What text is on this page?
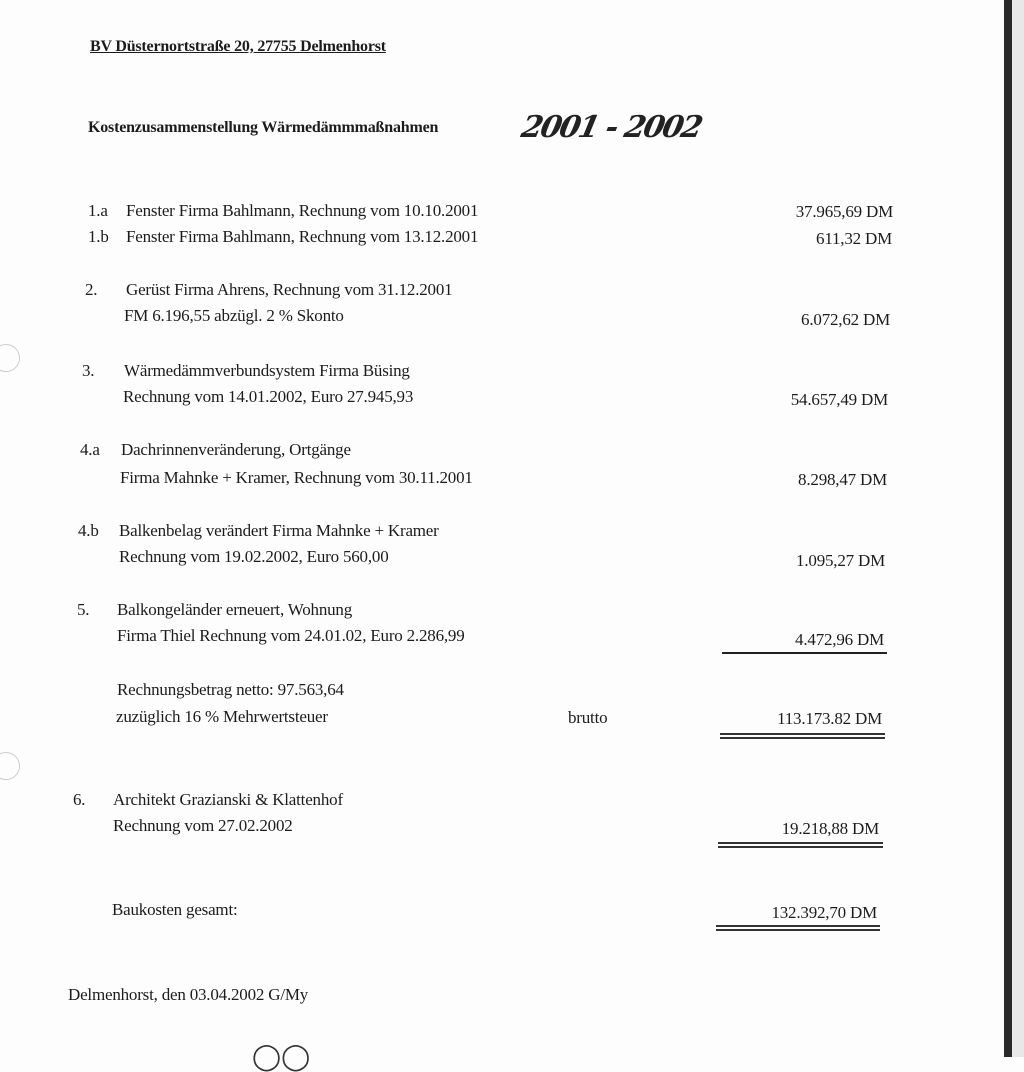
BV Düsternortstraße 20, 27755 Delmenhorst
Kostenzusammenstellung Wärmedämmmaßnahmen	2001 - 2002
1.a Fenster Firma Bahlmann, Rechnung vom 10.10.2001	37.965,69 DM
1.b Fenster Firma Bahlmann, Rechnung vom 13.12.2001	611,32 DM
2. Gerüst Firma Ahrens, Rechnung vom 31.12.2001
FM 6.196,55 abzügl. 2 % Skonto	6.072,62 DM
3. Wärmedämmverbundsystem Firma Büsing
Rechnung vom 14.01.2002, Euro 27.945,93	54.657,49 DM
4.a Dachrinnenveränderung, Ortgänge
Firma Mahnke + Kramer, Rechnung vom 30.11.2001	8.298,47 DM
4.b Balkenbelag verändert Firma Mahnke + Kramer
Rechnung vom 19.02.2002, Euro 560,00	1.095,27 DM
5. Balkongeländer erneuert, Wohnung
Firma Thiel Rechnung vom 24.01.02, Euro 2.286,99	4.472,96 DM
Rechnungsbetrag netto: 97.563,64
zuzüglich 16 % Mehrwertsteuer	brutto	113.173.82 DM
6. Architekt Grazianski & Klattenhof
Rechnung vom 27.02.2002	19.218,88 DM
Baukosten gesamt:	132.392,70 DM
Delmenhorst, den 03.04.2002 G/My
◯◯
